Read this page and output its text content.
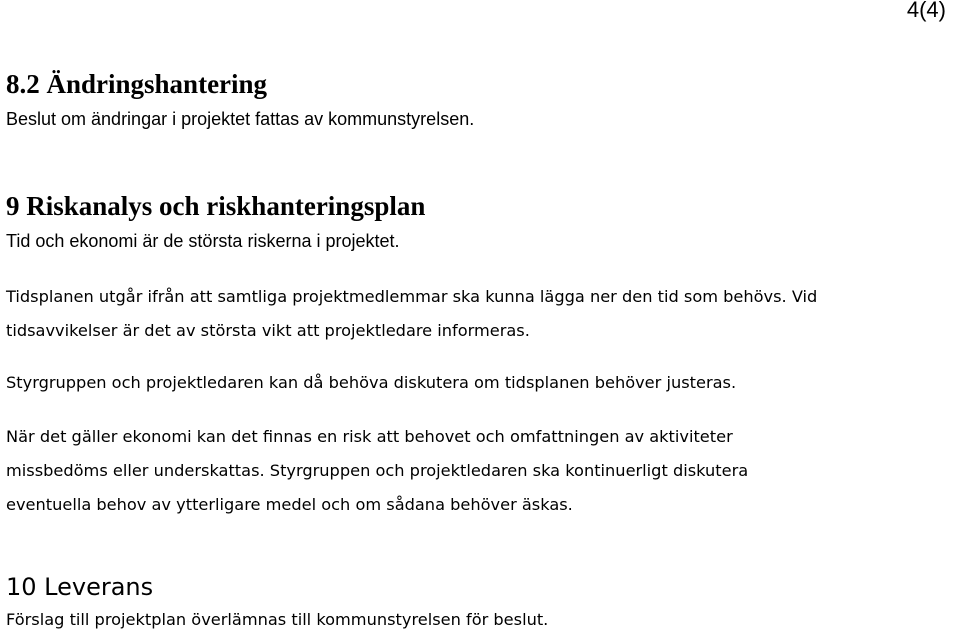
4(4)

8.2 Ändringshantering

Beslut om ändringar i projektet fattas av kommunstyrelsen.

9 Riskanalys och riskhanteringsplan

Tid och ekonomi är de största riskerna i projektet.

Tidsplanen utgår ifrån att samtliga projektmedlemmar ska kunna lägga ner den tid som behövs. Vid
tidsavvikelser är det av största vikt att projektledare informeras.

Styrgruppen och projektledaren kan då behöva diskutera om tidsplanen behöver justeras.

När det gäller ekonomi kan det finnas en risk att behovet och omfattningen av aktiviteter
missbedöms eller underskattas. Styrgruppen och projektledaren ska kontinuerligt diskutera
eventuella behov av ytterligare medel och om sådana behöver äskas.

10 Leverans

Förslag till projektplan överlämnas till kommunstyrelsen för beslut.
